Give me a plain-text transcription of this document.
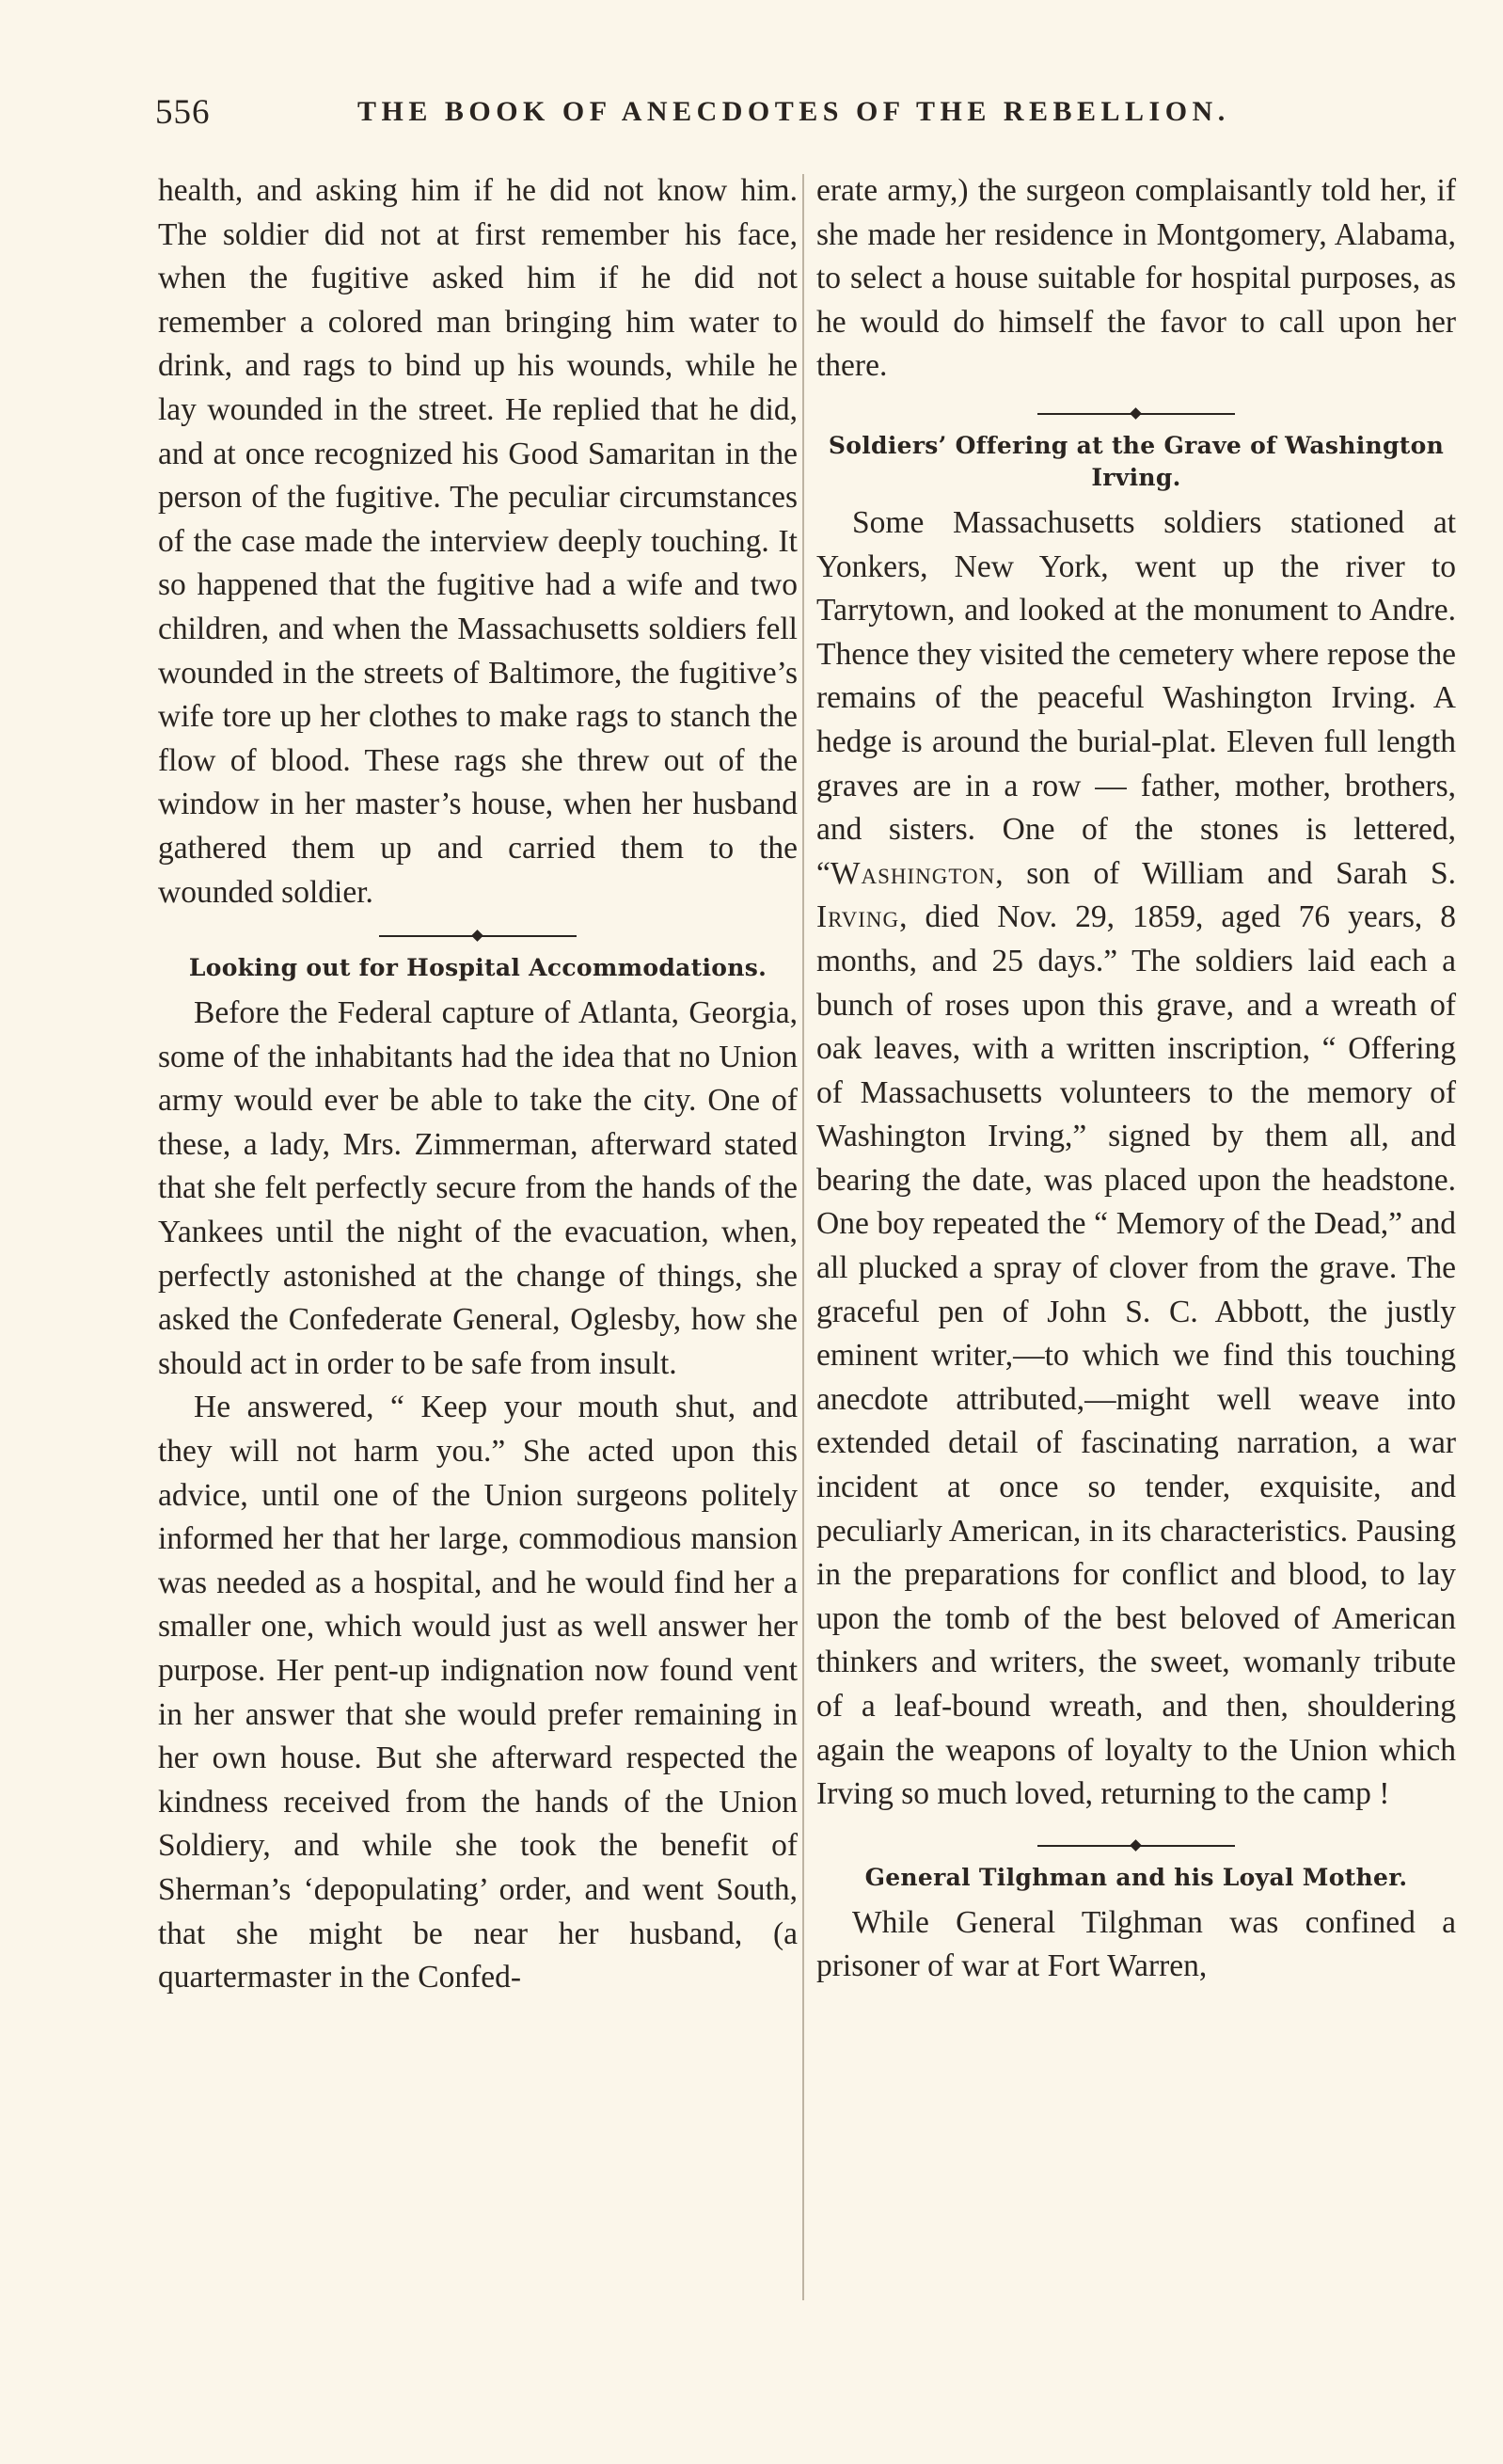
556	THE BOOK OF ANECDOTES OF THE REBELLION.

health, and asking him if he did not know him. The soldier did not at first remember his face, when the fugitive asked him if he did not remember a colored man bringing him water to drink, and rags to bind up his wounds, while he lay wounded in the street. He replied that he did, and at once recognized his Good Samaritan in the person of the fugitive. The peculiar circumstances of the case made the interview deeply touching. It so happened that the fugitive had a wife and two children, and when the Massachusetts soldiers fell wounded in the streets of Baltimore, the fugitive’s wife tore up her clothes to make rags to stanch the flow of blood. These rags she threw out of the window in her master’s house, when her husband gathered them up and carried them to the wounded soldier.

Looking out for Hospital Accommodations.

Before the Federal capture of Atlanta, Georgia, some of the inhabitants had the idea that no Union army would ever be able to take the city. One of these, a lady, Mrs. Zimmerman, afterward stated that she felt perfectly secure from the hands of the Yankees until the night of the evacuation, when, perfectly astonished at the change of things, she asked the Confederate General, Oglesby, how she should act in order to be safe from insult.

He answered, “ Keep your mouth shut, and they will not harm you.” She acted upon this advice, until one of the Union surgeons politely informed her that her large, commodious mansion was needed as a hospital, and he would find her a smaller one, which would just as well answer her purpose. Her pent-up indignation now found vent in her answer that she would prefer remaining in her own house. But she afterward respected the kindness received from the hands of the Union Soldiery, and while she took the benefit of Sherman’s ‘depopulating’ order, and went South, that she might be near her husband, (a quartermaster in the Confed-

erate army,) the surgeon complaisantly told her, if she made her residence in Montgomery, Alabama, to select a house suitable for hospital purposes, as he would do himself the favor to call upon her there.

Soldiers’ Offering at the Grave of Washington Irving.

Some Massachusetts soldiers stationed at Yonkers, New York, went up the river to Tarrytown, and looked at the monument to Andre. Thence they visited the cemetery where repose the remains of the peaceful Washington Irving. A hedge is around the burial-plat. Eleven full length graves are in a row — father, mother, brothers, and sisters. One of the stones is lettered, “Washington, son of William and Sarah S. Irving, died Nov. 29, 1859, aged 76 years, 8 months, and 25 days.” The soldiers laid each a bunch of roses upon this grave, and a wreath of oak leaves, with a written inscription, “ Offering of Massachusetts volunteers to the memory of Washington Irving,” signed by them all, and bearing the date, was placed upon the headstone. One boy repeated the “ Memory of the Dead,” and all plucked a spray of clover from the grave. The graceful pen of John S. C. Abbott, the justly eminent writer,—to which we find this touching anecdote attributed,—might well weave into extended detail of fascinating narration, a war incident at once so tender, exquisite, and peculiarly American, in its characteristics. Pausing in the preparations for conflict and blood, to lay upon the tomb of the best beloved of American thinkers and writers, the sweet, womanly tribute of a leaf-bound wreath, and then, shouldering again the weapons of loyalty to the Union which Irving so much loved, returning to the camp !

General Tilghman and his Loyal Mother.

While General Tilghman was confined a prisoner of war at Fort Warren,
